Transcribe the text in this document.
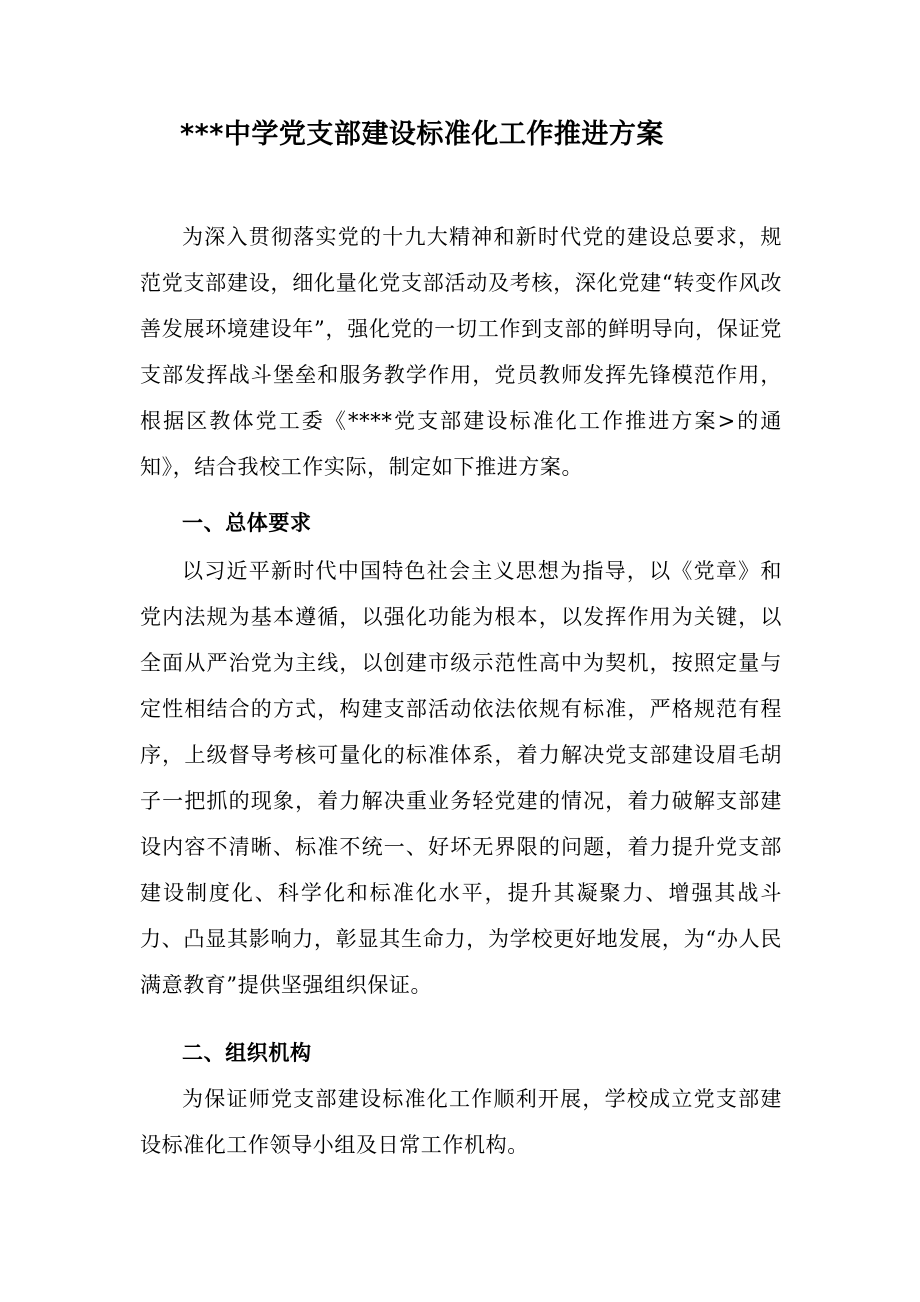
***中学党支部建设标准化工作推进方案

为深入贯彻落实党的十九大精神和新时代党的建设总要求，规范党支部建设，细化量化党支部活动及考核，深化党建“转变作风改善发展环境建设年”，强化党的一切工作到支部的鲜明导向，保证党支部发挥战斗堡垒和服务教学作用，党员教师发挥先锋模范作用，根据区教体党工委《****党支部建设标准化工作推进方案>的通知》，结合我校工作实际，制定如下推进方案。

一、总体要求

以习近平新时代中国特色社会主义思想为指导，以《党章》和党内法规为基本遵循，以强化功能为根本，以发挥作用为关键，以全面从严治党为主线，以创建市级示范性高中为契机，按照定量与定性相结合的方式，构建支部活动依法依规有标准，严格规范有程序，上级督导考核可量化的标准体系，着力解决党支部建设眉毛胡子一把抓的现象，着力解决重业务轻党建的情况，着力破解支部建设内容不清晰、标准不统一、好坏无界限的问题，着力提升党支部建设制度化、科学化和标准化水平，提升其凝聚力、增强其战斗力、凸显其影响力，彰显其生命力，为学校更好地发展，为“办人民满意教育”提供坚强组织保证。

二、组织机构

为保证师党支部建设标准化工作顺利开展，学校成立党支部建设标准化工作领导小组及日常工作机构。
